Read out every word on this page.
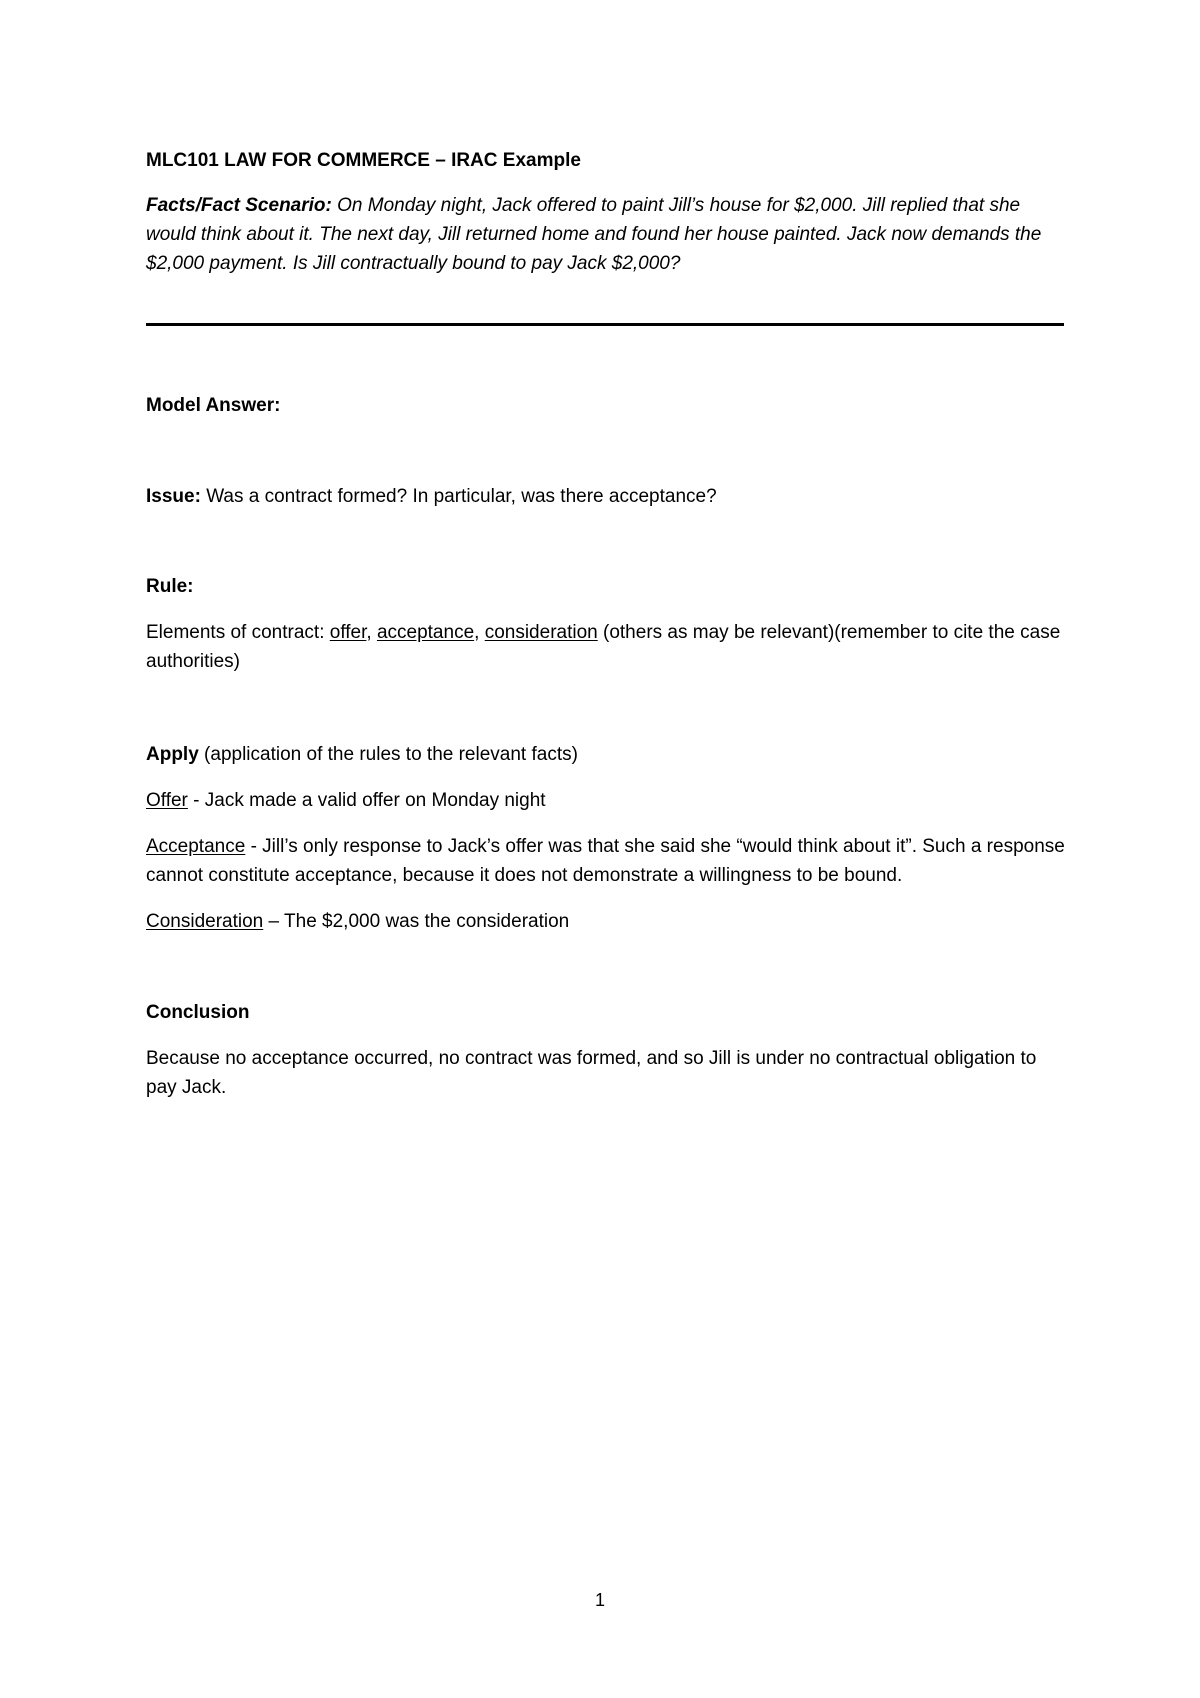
MLC101 LAW FOR COMMERCE – IRAC Example

Facts/Fact Scenario: On Monday night, Jack offered to paint Jill’s house for $2,000. Jill replied that she would think about it. The next day, Jill returned home and found her house painted. Jack now demands the $2,000 payment. Is Jill contractually bound to pay Jack $2,000?

Model Answer:

Issue: Was a contract formed? In particular, was there acceptance?

Rule:

Elements of contract: offer, acceptance, consideration (others as may be relevant)(remember to cite the case authorities)

Apply (application of the rules to the relevant facts)

Offer - Jack made a valid offer on Monday night

Acceptance - Jill’s only response to Jack’s offer was that she said she “would think about it”. Such a response cannot constitute acceptance, because it does not demonstrate a willingness to be bound.

Consideration – The $2,000 was the consideration

Conclusion

Because no acceptance occurred, no contract was formed, and so Jill is under no contractual obligation to pay Jack.

1
